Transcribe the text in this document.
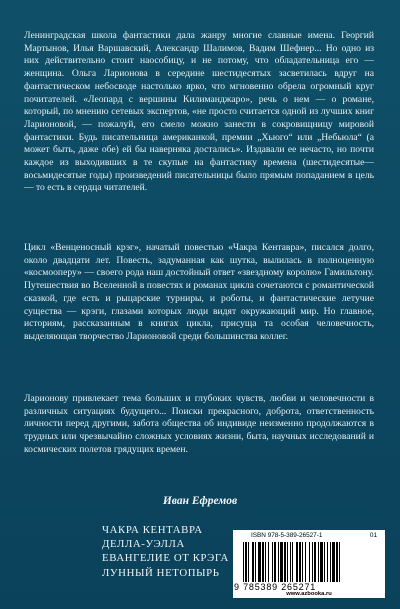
Ленинградская школа фантастики дала жанру многие славные имена. Георгий Мартынов, Илья Варшавский, Александр Шалимов, Вадим Шефнер... Но одно из них действительно стоит наособицу, и не потому, что обладательница его — женщина. Ольга Ларионова в середине шестидесятых засветилась вдруг на фантастическом небосводе настолько ярко, что мгновенно обрела огромный круг почитателей. «Леопард с вершины Килиманджаро», речь о нем — о романе, который, по мнению сетевых экспертов, «не просто считается одной из лучших книг Ларионовой, — пожалуй, его смело можно занести в сокровищницу мировой фантастики. Будь писательница американкой, премии „Хьюго“ или „Небьюла“ (а может быть, даже обе) ей бы наверняка достались». Издавали ее нечасто, но почти каждое из выходивших в те скупые на фантастику времена (шестидесятые—восьмидесятые годы) произведений писательницы было прямым попаданием в цель — то есть в сердца читателей.

Цикл «Венценосный крэг», начатый повестью «Чакра Кентавра», писался долго, около двадцати лет. Повесть, задуманная как шутка, вылилась в полноценную «космооперу» — своего рода наш достойный ответ «звездному королю» Гамильтону. Путешествия во Вселенной в повестях и романах цикла сочетаются с романтической сказкой, где есть и рыцарские турниры, и роботы, и фантастические летучие существа — крэги, глазами которых люди видят окружающий мир. Но главное, историям, рассказанным в книгах цикла, присуща та особая человечность, выделяющая творчество Ларионовой среди большинства коллег.

Ларионову привлекает тема больших и глубоких чувств, любви и человечности в различных ситуациях будущего... Поиски прекрасного, доброта, ответственность личности перед другими, забота общества об индивиде неизменно продолжаются в трудных или чрезвычайно сложных условиях жизни, быта, научных исследований и космических полетов грядущих времен.

Иван Ефремов
ЧАКРА КЕНТАВРА
ДЕЛЛА-УЭЛЛА
ЕВАНГЕЛИЕ ОТ КРЭГА
ЛУННЫЙ НЕТОПЫРЬ
ISBN 978-5-389-26527-1	01
9 785389 265271
www.azbooka.ru
